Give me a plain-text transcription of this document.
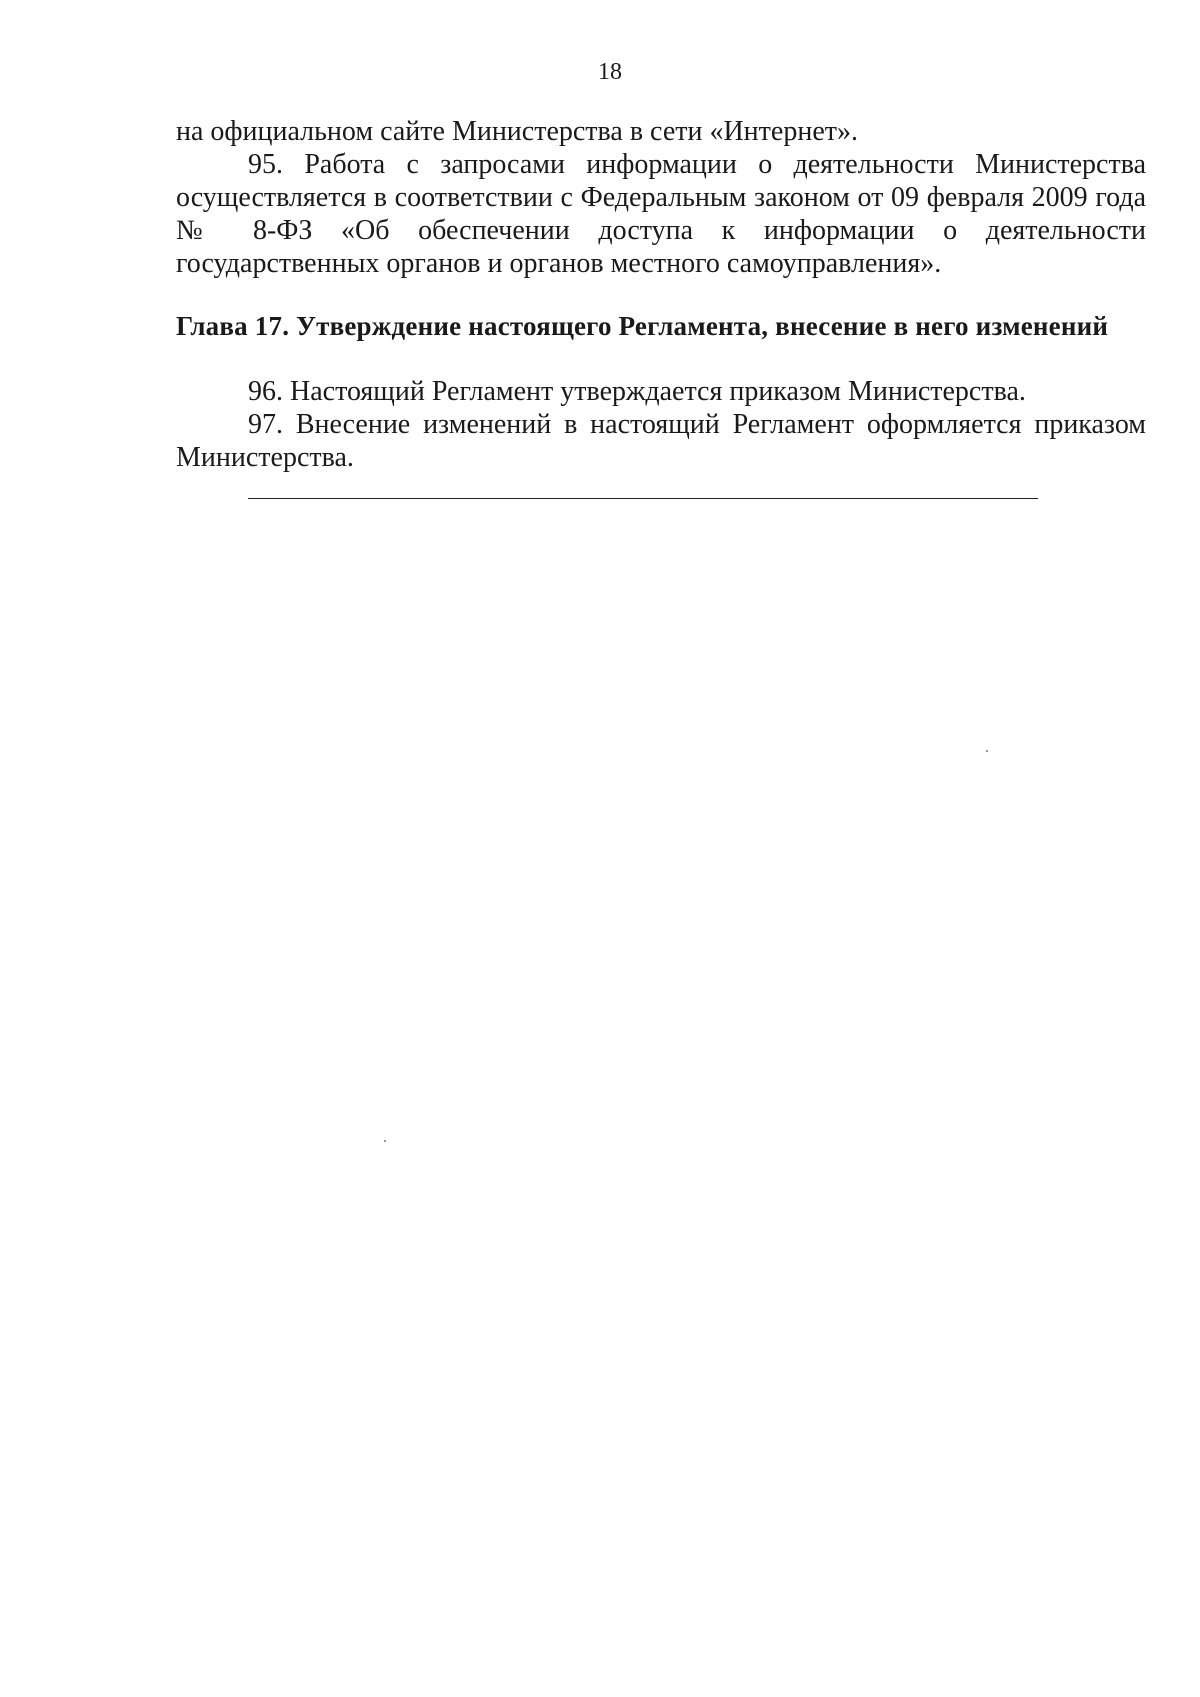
18
на официальном сайте Министерства в сети «Интернет».
95. Работа с запросами информации о деятельности Министерства
осуществляется в соответствии с Федеральным законом от 09 февраля 2009 года
№ 8-ФЗ «Об обеспечении доступа к информации о деятельности
государственных органов и органов местного самоуправления».
Глава 17. Утверждение настоящего Регламента, внесение в него изменений
96. Настоящий Регламент утверждается приказом Министерства.
97. Внесение изменений в настоящий Регламент оформляется приказом
Министерства.
